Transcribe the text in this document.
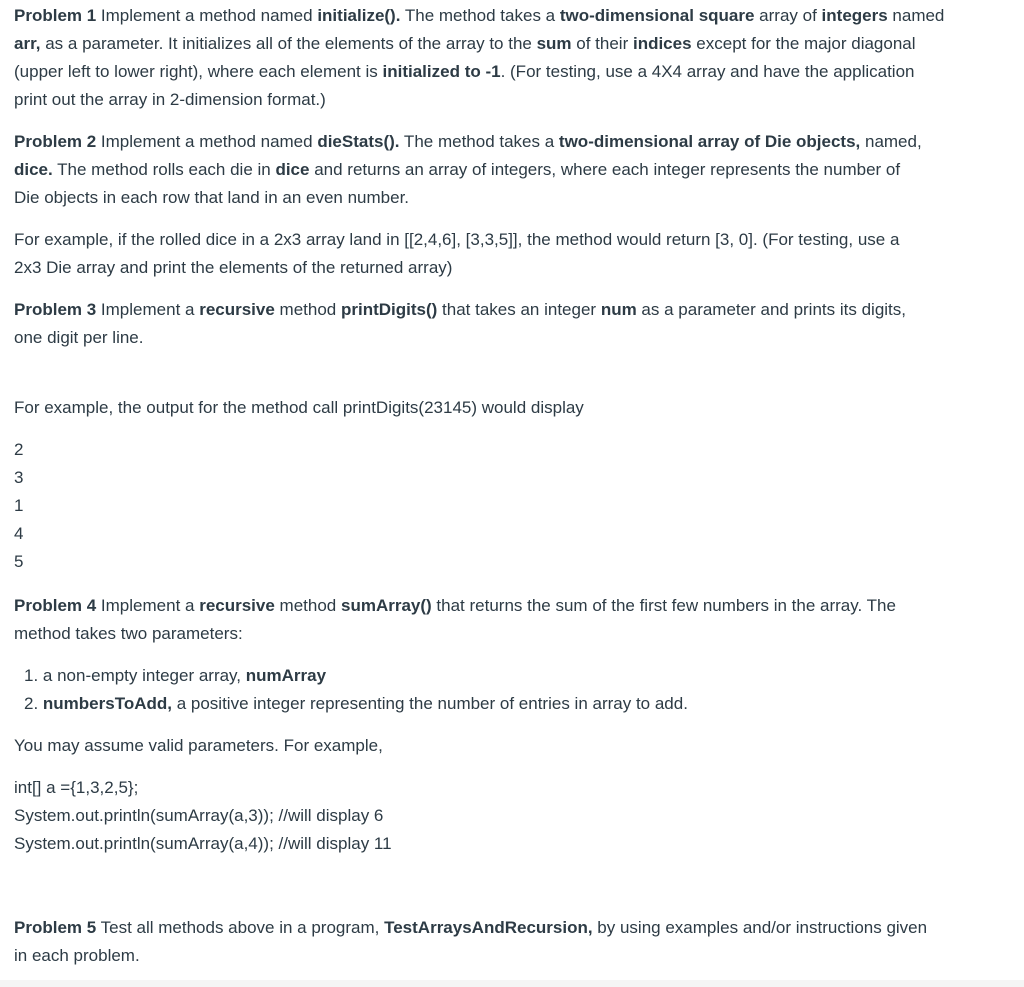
Problem 1 Implement a method named initialize(). The method takes a two-dimensional square array of integers named

arr, as a parameter. It initializes all of the elements of the array to the sum of their indices except for the major diagonal

(upper left to lower right), where each element is initialized to -1. (For testing, use a 4X4 array and have the application

print out the array in 2-dimension format.)

Problem 2 Implement a method named dieStats(). The method takes a two-dimensional array of Die objects, named,

dice. The method rolls each die in dice and returns an array of integers, where each integer represents the number of

Die objects in each row that land in an even number.

For example, if the rolled dice in a 2x3 array land in [[2,4,6], [3,3,5]], the method would return [3, 0]. (For testing, use a

2x3 Die array and print the elements of the returned array)

Problem 3 Implement a recursive method printDigits() that takes an integer num as a parameter and prints its digits,

one digit per line.

For example, the output for the method call printDigits(23145) would display

2

3

1

4

5

Problem 4 Implement a recursive method sumArray() that returns the sum of the first few numbers in the array. The

method takes two parameters:

1. a non-empty integer array, numArray

2. numbersToAdd, a positive integer representing the number of entries in array to add.

You may assume valid parameters. For example,

int[] a ={1,3,2,5};

System.out.println(sumArray(a,3)); //will display 6

System.out.println(sumArray(a,4)); //will display 11

Problem 5 Test all methods above in a program, TestArraysAndRecursion, by using examples and/or instructions given

in each problem.
